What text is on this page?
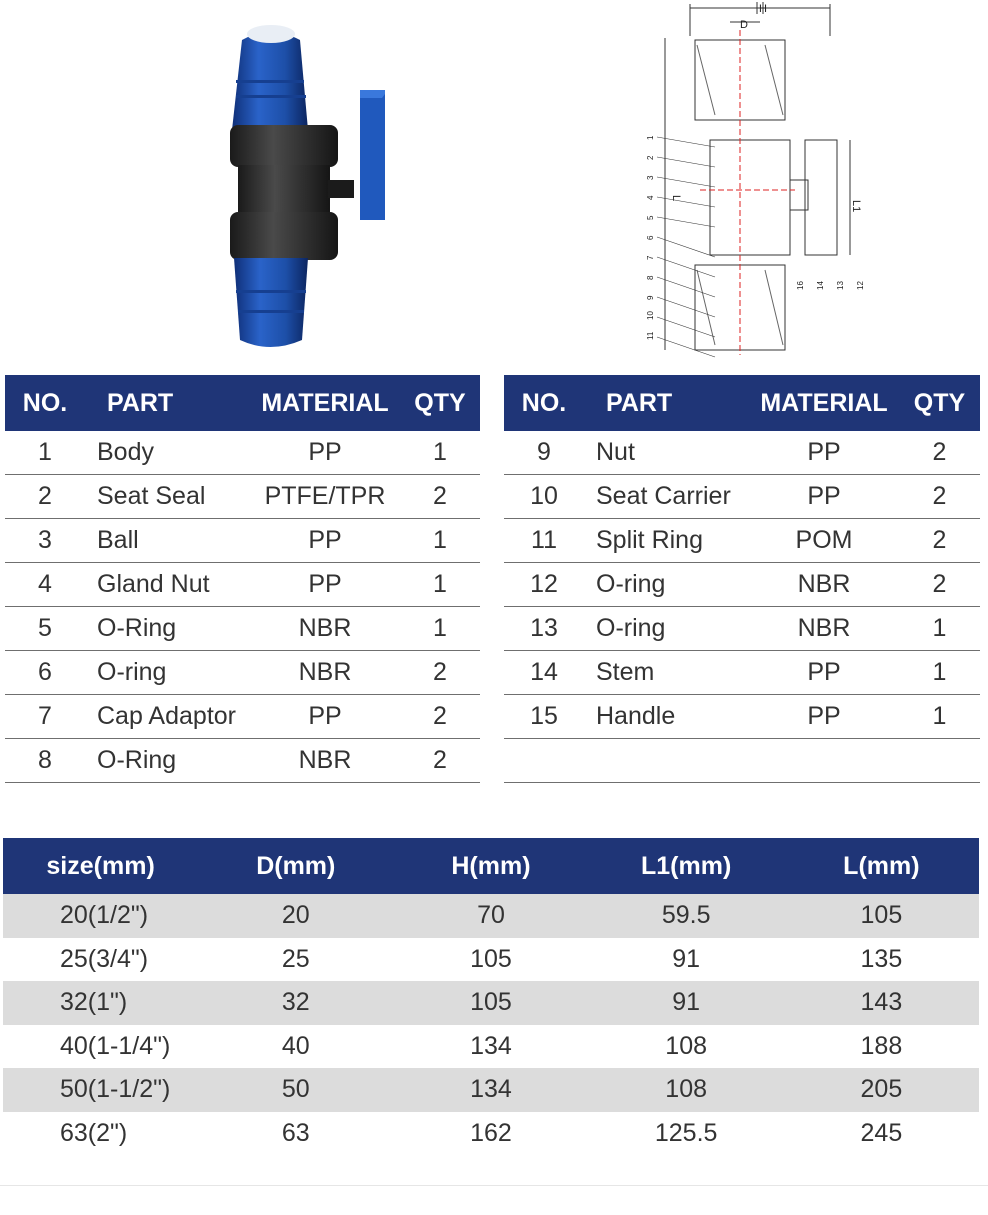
D
H
L
L1
1
2
3
4
5
6
7
8
9
10
11
16 14 13 12
NO.	PART	MATERIAL	QTY
1	Body	PP	1
2	Seat Seal	PTFE/TPR	2
3	Ball	PP	1
4	Gland Nut	PP	1
5	O-Ring	NBR	1
6	O-ring	NBR	2
7	Cap Adaptor	PP	2
8	O-Ring	NBR	2
NO.	PART	MATERIAL	QTY
9	Nut	PP	2
10	Seat Carrier	PP	2
11	Split Ring	POM	2
12	O-ring	NBR	2
13	O-ring	NBR	1
14	Stem	PP	1
15	Handle	PP	1

size(mm)	D(mm)	H(mm)	L1(mm)	L(mm)
20(1/2")	20	70	59.5	105
25(3/4")	25	105	91	135
32(1")	32	105	91	143
40(1-1/4")	40	134	108	188
50(1-1/2")	50	134	108	205
63(2")	63	162	125.5	245
